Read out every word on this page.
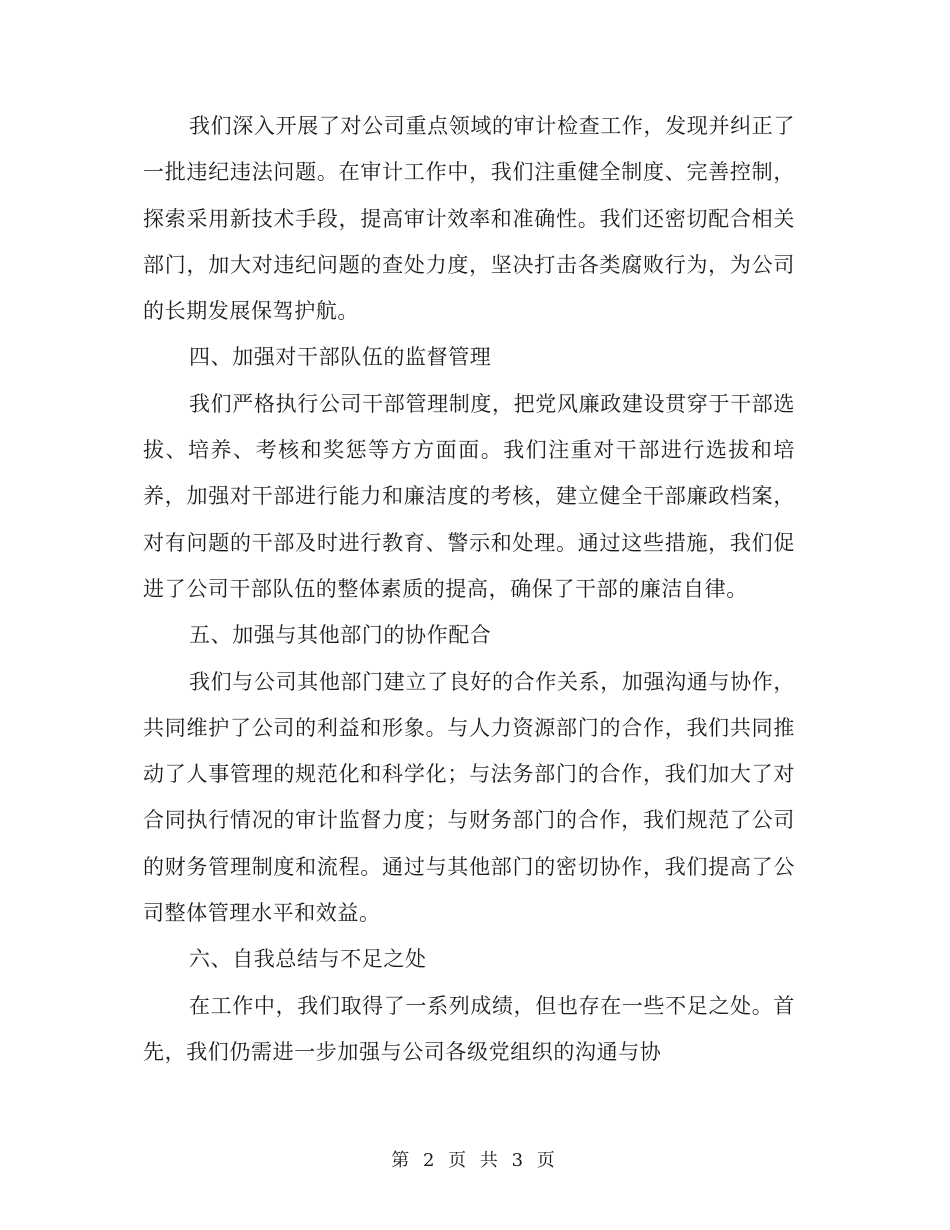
我们深入开展了对公司重点领域的审计检查工作，发现并纠正了一批违纪违法问题。在审计工作中，我们注重健全制度、完善控制，探索采用新技术手段，提高审计效率和准确性。我们还密切配合相关部门，加大对违纪问题的查处力度，坚决打击各类腐败行为，为公司的长期发展保驾护航。

四、加强对干部队伍的监督管理

我们严格执行公司干部管理制度，把党风廉政建设贯穿于干部选拔、培养、考核和奖惩等方方面面。我们注重对干部进行选拔和培养，加强对干部进行能力和廉洁度的考核，建立健全干部廉政档案，对有问题的干部及时进行教育、警示和处理。通过这些措施，我们促进了公司干部队伍的整体素质的提高，确保了干部的廉洁自律。

五、加强与其他部门的协作配合

我们与公司其他部门建立了良好的合作关系，加强沟通与协作，共同维护了公司的利益和形象。与人力资源部门的合作，我们共同推动了人事管理的规范化和科学化；与法务部门的合作，我们加大了对合同执行情况的审计监督力度；与财务部门的合作，我们规范了公司的财务管理制度和流程。通过与其他部门的密切协作，我们提高了公司整体管理水平和效益。

六、自我总结与不足之处

在工作中，我们取得了一系列成绩，但也存在一些不足之处。首先，我们仍需进一步加强与公司各级党组织的沟通与协

第 2 页 共 3 页
